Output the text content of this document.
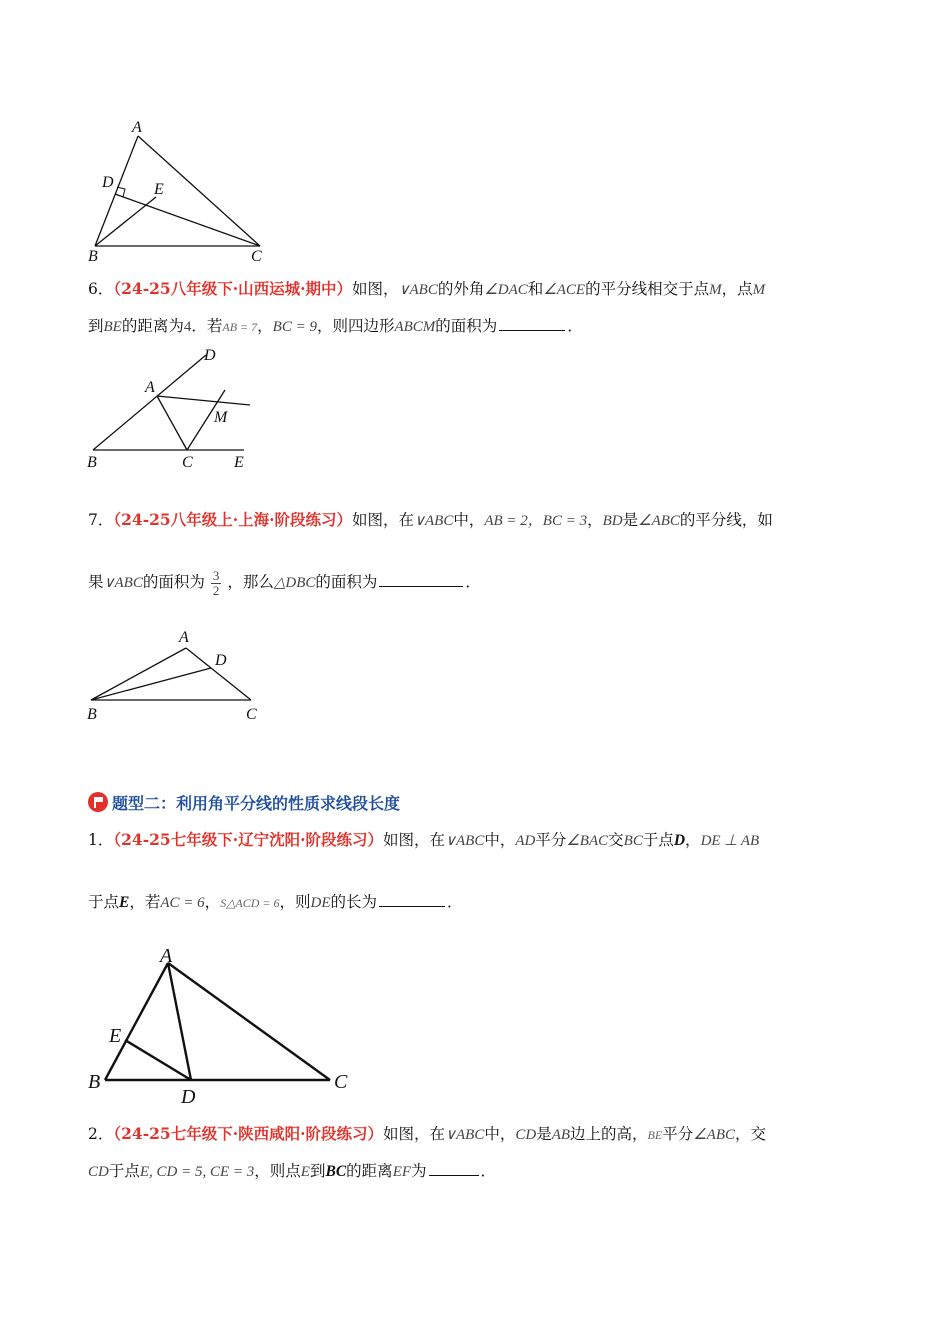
A
D	E
B	C
6．（24-25八年级下·山西运城·期中）如图，∨ABC的外角∠DAC和∠ACE的平分线相交于点M，点M
到BE的距离为4．若AB = 7，BC = 9，则四边形ABCM的面积为	．
A
D
M
B	C	E
7．（24-25八年级上·上海·阶段练习）如图，在∨ABC中，AB = 2，BC = 3，BD是∠ABC的平分线，如
果∨ABC的面积为 $\frac{3}{2}$ ，那么△DBC的面积为	．
A
D
B	C
题型二：利用角平分线的性质求线段长度
1．（24-25七年级下·辽宁沈阳·阶段练习）如图，在∨ABC中，AD平分∠BAC交BC于点D，DE ⊥ AB
于点E，若AC = 6，S△ACD = 6，则DE的长为	．
A
E
B
D
C
2．（24-25七年级下·陕西咸阳·阶段练习）如图，在∨ABC中，CD是AB边上的高，BE平分∠ABC，交
CD于点E, CD = 5, CE = 3，则点E到BC的距离EF为	．
